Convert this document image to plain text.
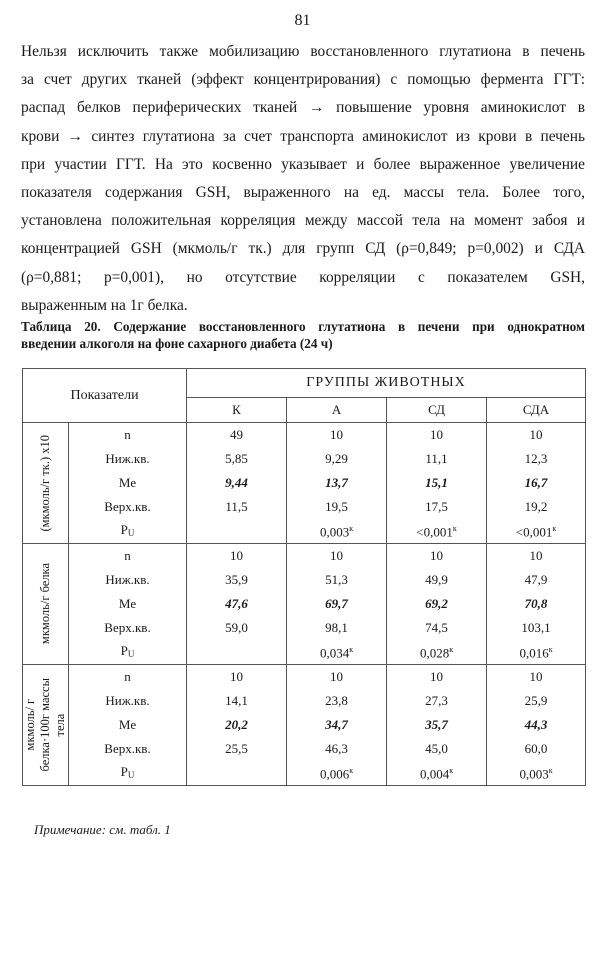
81

Нельзя исключить также мобилизацию восстановленного глутатиона в печень

за счет других тканей (эффект концентрирования) с помощью фермента ГГТ:

распад белков периферических тканей → повышение уровня аминокислот в

крови → синтез глутатиона за счет транспорта аминокислот из крови в печень

при участии ГГТ. На это косвенно указывает и более выраженное увеличение

показателя содержания GSH, выраженного на ед. массы тела. Более того,

установлена положительная корреляция между массой тела на момент забоя и

концентрацией GSH (мкмоль/г тк.) для групп СД (ρ=0,849; р=0,002) и СДА

(ρ=0,881; р=0,001), но отсутствие корреляции с показателем GSH,

выраженным на 1г белка.

Таблица 20. Содержание восстановленного глутатиона в печени при однократном
введении алкоголя на фоне сахарного диабета (24 ч)
Показатели		ГРУППЫ ЖИВОТНЫХ			
		К	А	СД	СДА

(мкмоль/г тк.) x10	n	49	10	10	10
	Ниж.кв.	5,85	9,29	11,1	12,3
	Me	9,44	13,7	15,1	16,7
	Верх.кв.	11,5	19,5	17,5	19,2
	PU		$0,003^к$	$<0,001^к$	$<0,001^к$

мкмоль/г белка	n	10	10	10	10
	Ниж.кв.	35,9	51,3	49,9	47,9
	Me	47,6	69,7	69,2	70,8
	Верх.кв.	59,0	98,1	74,5	103,1
	PU		$0,034^к$	$0,028^к$	$0,016^к$

мкмоль/ г белка·100г массы тела	n	10	10	10	10
	Ниж.кв.	14,1	23,8	27,3	25,9
	Me	20,2	34,7	35,7	44,3
	Верх.кв.	25,5	46,3	45,0	60,0
	PU		$0,006^к$	$0,004^к$	$0,003^к$
Примечание: см. табл. 1
